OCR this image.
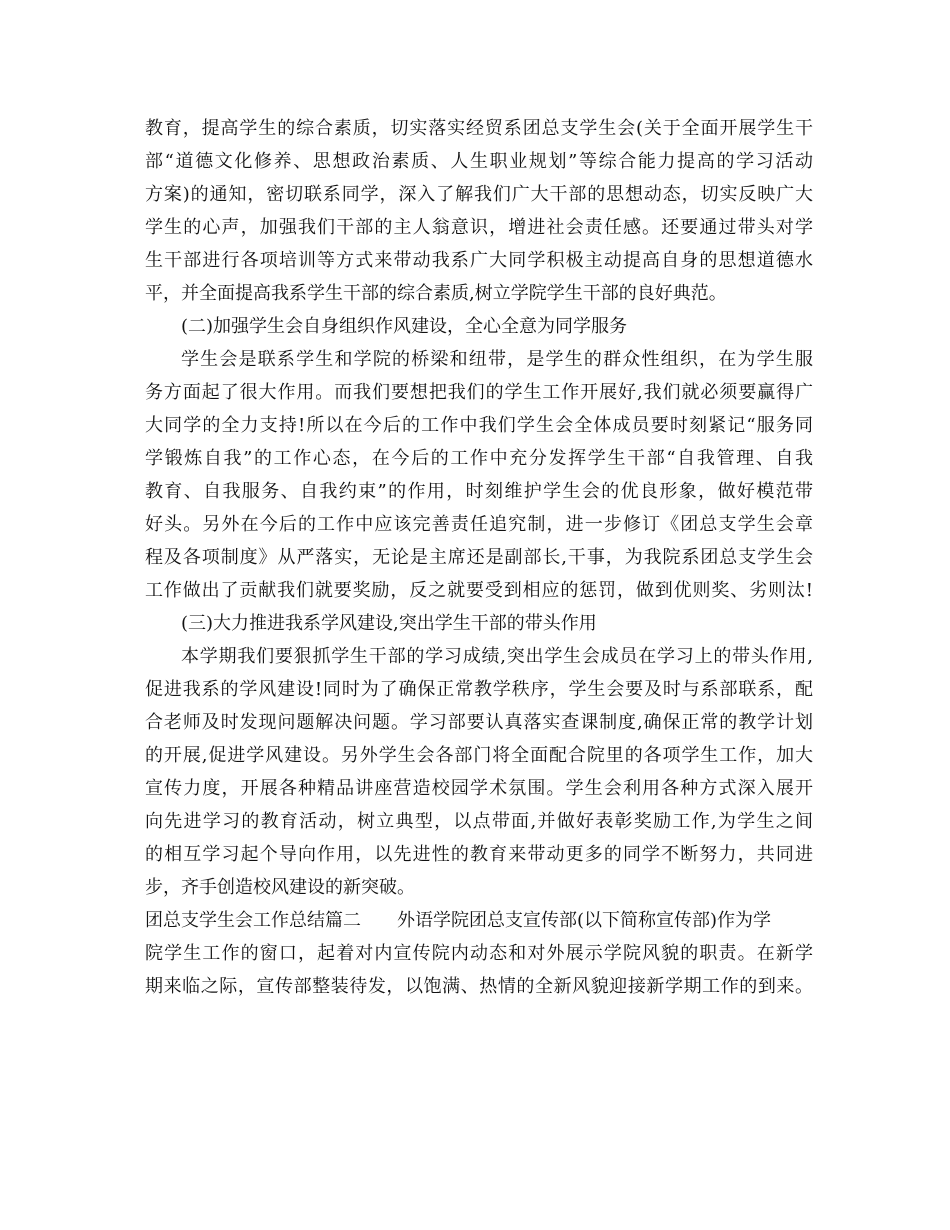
教育，提高学生的综合素质，切实落实经贸系团总支学生会(关于全面开展学生干
部“道德文化修养、思想政治素质、人生职业规划”等综合能力提高的学习活动
方案)的通知，密切联系同学，深入了解我们广大干部的思想动态，切实反映广大
学生的心声，加强我们干部的主人翁意识，增进社会责任感。还要通过带头对学
生干部进行各项培训等方式来带动我系广大同学积极主动提高自身的思想道德水
平，并全面提高我系学生干部的综合素质,树立学院学生干部的良好典范。
(二)加强学生会自身组织作风建设，全心全意为同学服务
学生会是联系学生和学院的桥梁和纽带，是学生的群众性组织，在为学生服
务方面起了很大作用。而我们要想把我们的学生工作开展好,我们就必须要赢得广
大同学的全力支持!所以在今后的工作中我们学生会全体成员要时刻紧记“服务同
学锻炼自我”的工作心态，在今后的工作中充分发挥学生干部“自我管理、自我
教育、自我服务、自我约束”的作用，时刻维护学生会的优良形象，做好模范带
好头。另外在今后的工作中应该完善责任追究制，进一步修订《团总支学生会章
程及各项制度》从严落实，无论是主席还是副部长,干事，为我院系团总支学生会
工作做出了贡献我们就要奖励，反之就要受到相应的惩罚，做到优则奖、劣则汰!
(三)大力推进我系学风建设,突出学生干部的带头作用
本学期我们要狠抓学生干部的学习成绩,突出学生会成员在学习上的带头作用,
促进我系的学风建设!同时为了确保正常教学秩序，学生会要及时与系部联系，配
合老师及时发现问题解决问题。学习部要认真落实查课制度,确保正常的教学计划
的开展,促进学风建设。另外学生会各部门将全面配合院里的各项学生工作，加大
宣传力度，开展各种精品讲座营造校园学术氛围。学生会利用各种方式深入展开
向先进学习的教育活动，树立典型，以点带面,并做好表彰奖励工作,为学生之间
的相互学习起个导向作用，以先进性的教育来带动更多的同学不断努力，共同进
步，齐手创造校风建设的新突破。
团总支学生会工作总结篇二 外语学院团总支宣传部(以下简称宣传部)作为学
院学生工作的窗口，起着对内宣传院内动态和对外展示学院风貌的职责。在新学
期来临之际，宣传部整装待发，以饱满、热情的全新风貌迎接新学期工作的到来。
